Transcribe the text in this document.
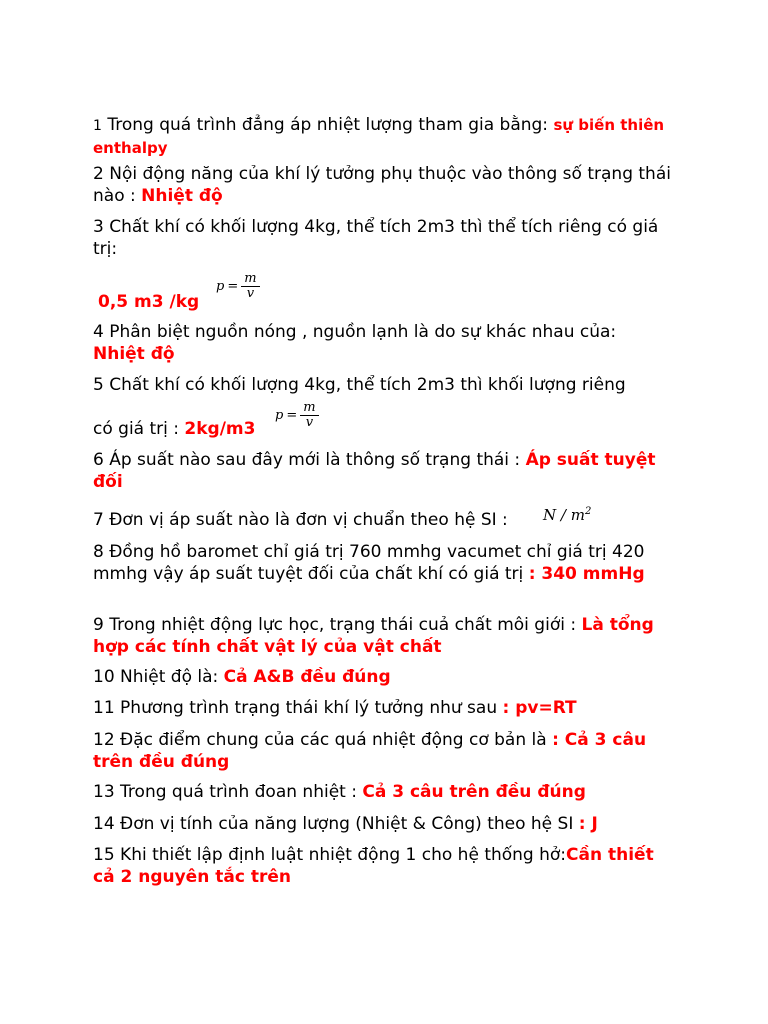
1 Trong quá trình đẳng áp nhiệt lượng tham gia bằng: sự biến thiên enthalpy
2 Nội động năng của khí lý tưởng phụ thuộc vào thông số trạng thái nào : Nhiệt độ
3 Chất khí có khối lượng 4kg, thể tích 2m3 thì thể tích riêng có giá trị:
$p = \frac{m}{v}$
0,5 m3 /kg
4 Phân biệt nguồn nóng , nguồn lạnh là do sự khác nhau của: Nhiệt độ
5 Chất khí có khối lượng 4kg, thể tích 2m3 thì khối lượng riêng
có giá trị : 2kg/m3
$p = \frac{m}{v}$
6 Áp suất nào sau đây mới là thông số trạng thái : Áp suất tuyệt đối
7 Đơn vị áp suất nào là đơn vị chuẩn theo hệ SI :	N / $m^2$
8 Đồng hồ baromet chỉ giá trị 760 mmhg vacumet chỉ giá trị 420 mmhg vậy áp suất tuyệt đối của chất khí có giá trị : 340 mmHg
9 Trong nhiệt động lực học, trạng thái cuả chất môi giới : Là tổng hợp các tính chất vật lý của vật chất
10 Nhiệt độ là: Cả A&B đều đúng
11 Phương trình trạng thái khí lý tưởng như sau : pv=RT
12 Đặc điểm chung của các quá nhiệt động cơ bản là : Cả 3 câu trên đều đúng
13 Trong quá trình đoan nhiệt : Cả 3 câu trên đều đúng
14 Đơn vị tính của năng lượng (Nhiệt & Công) theo hệ SI : J
15 Khi thiết lập định luật nhiệt động 1 cho hệ thống hở:Cần thiết cả 2 nguyên tắc trên
